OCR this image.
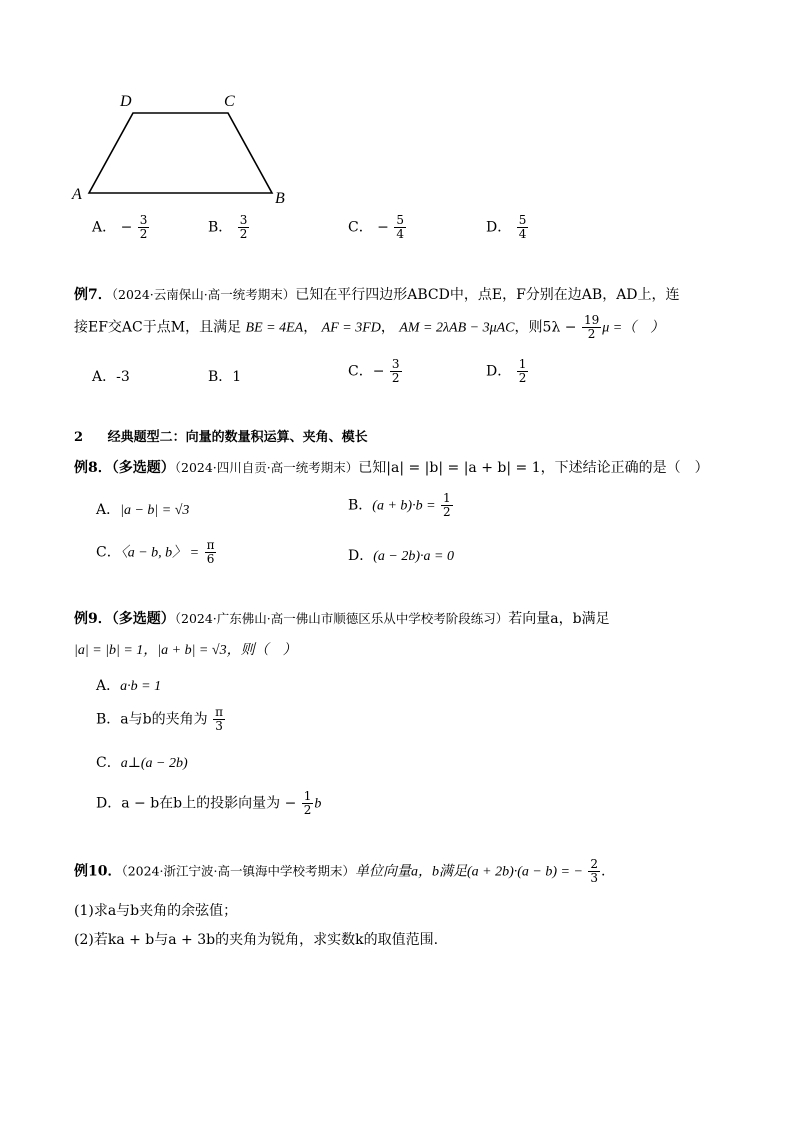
D	C
A	B
A． − $\frac{3}{2}$	B． $\frac{3}{2}$	C． − $\frac{5}{4}$	D． $\frac{5}{4}$
例7．（2024·云南保山·高一统考期末）已知在平行四边形ABCD中，点E，F分别在边AB，AD上，连
接EF交AC于点M，且满足 BE = 4EA， AF = 3FD， AM = 2λAB − 3μAC，则$5\lambda - \frac{19}{2}$ μ =（　）
A．-3	B．1	C．− $\frac{3}{2}$	D． $\frac{1}{2}$
2 经典题型二：向量的数量积运算、夹角、模长
例8．（多选题）（2024·四川自贡·高一统考期末）已知|a| = |b| = |a + b| = 1，下述结论正确的是（　）
A．|a − b| = √3	B．$(a + b)\cdot b = \frac{1}{2}$
C．〈a − b, b〉 = $\frac{\pi}{6}$	D．(a − 2b)·a = 0
例9．（多选题）（2024·广东佛山·高一佛山市顺德区乐从中学校考阶段练习）若向量a，b满足
|a| = |b| = 1，|a + b| = √3，则（　）
A．a·b = 1
B．a与b的夹角为 $\frac{\pi}{3}$
C．a⊥(a − 2b)
D．a − b在b上的投影向量为 − $\frac{1}{2}$ b
例10．（2024·浙江宁波·高一镇海中学校考期末）单位向量a，b满足(a + 2b)·(a − b) = − $\frac{2}{3}$ .
(1)求a与b夹角的余弦值；
(2)若ka + b与a + 3b的夹角为锐角，求实数k的取值范围.
